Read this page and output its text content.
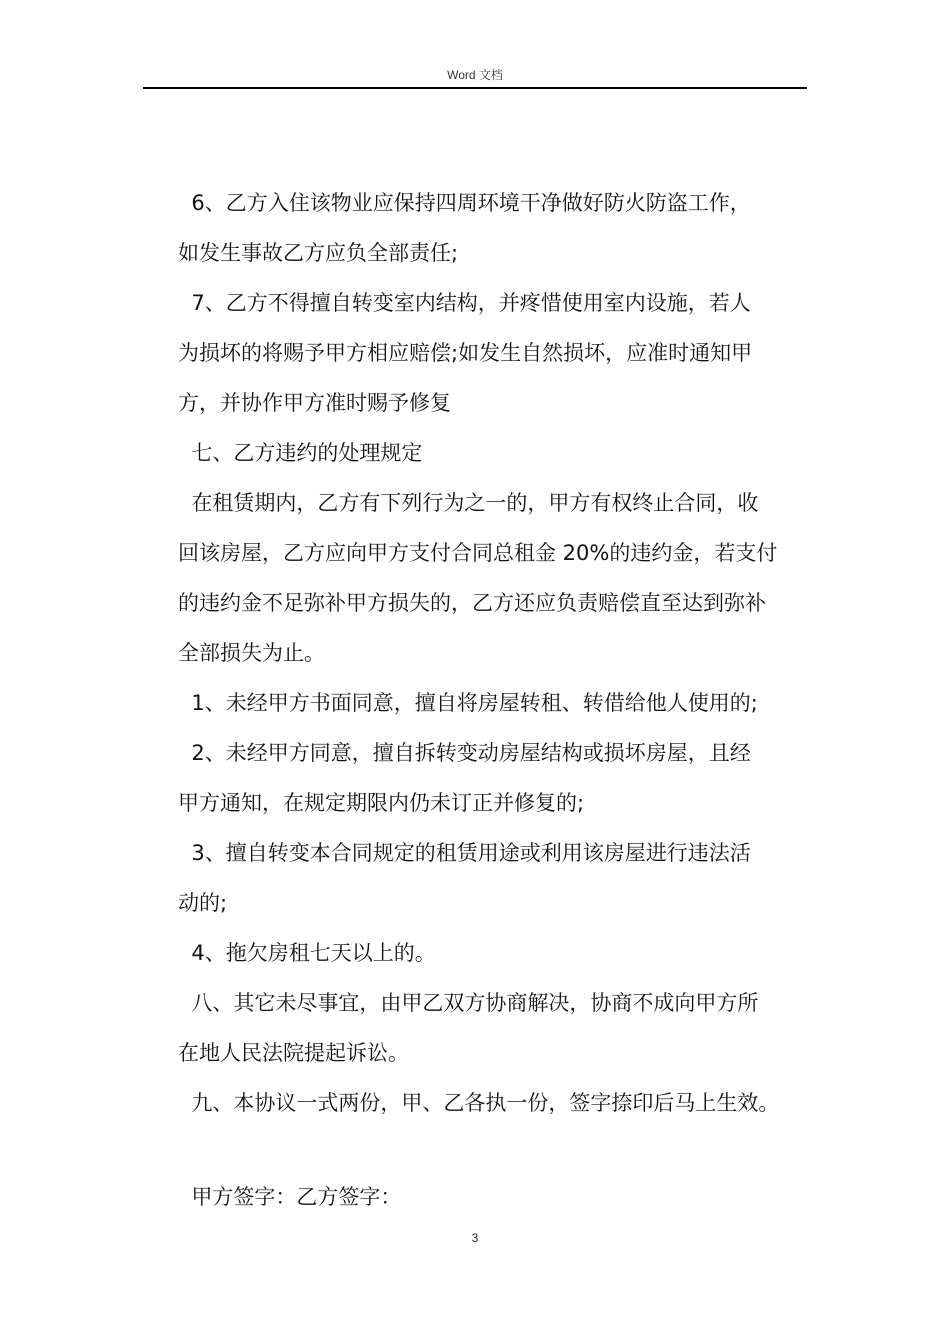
Word 文档

6、乙方入住该物业应保持四周环境干净做好防火防盗工作，

如发生事故乙方应负全部责任;

7、乙方不得擅自转变室内结构，并疼惜使用室内设施，若人

为损坏的将赐予甲方相应赔偿;如发生自然损坏，应准时通知甲

方，并协作甲方准时赐予修复

七、乙方违约的处理规定

在租赁期内，乙方有下列行为之一的，甲方有权终止合同，收

回该房屋，乙方应向甲方支付合同总租金 20%的违约金，若支付

的违约金不足弥补甲方损失的，乙方还应负责赔偿直至达到弥补

全部损失为止。

1、未经甲方书面同意，擅自将房屋转租、转借给他人使用的;

2、未经甲方同意，擅自拆转变动房屋结构或损坏房屋，且经

甲方通知，在规定期限内仍未订正并修复的;

3、擅自转变本合同规定的租赁用途或利用该房屋进行违法活

动的;

4、拖欠房租七天以上的。

八、其它未尽事宜，由甲乙双方协商解决，协商不成向甲方所

在地人民法院提起诉讼。

九、本协议一式两份，甲、乙各执一份，签字捺印后马上生效。

甲方签字：乙方签字：

3
